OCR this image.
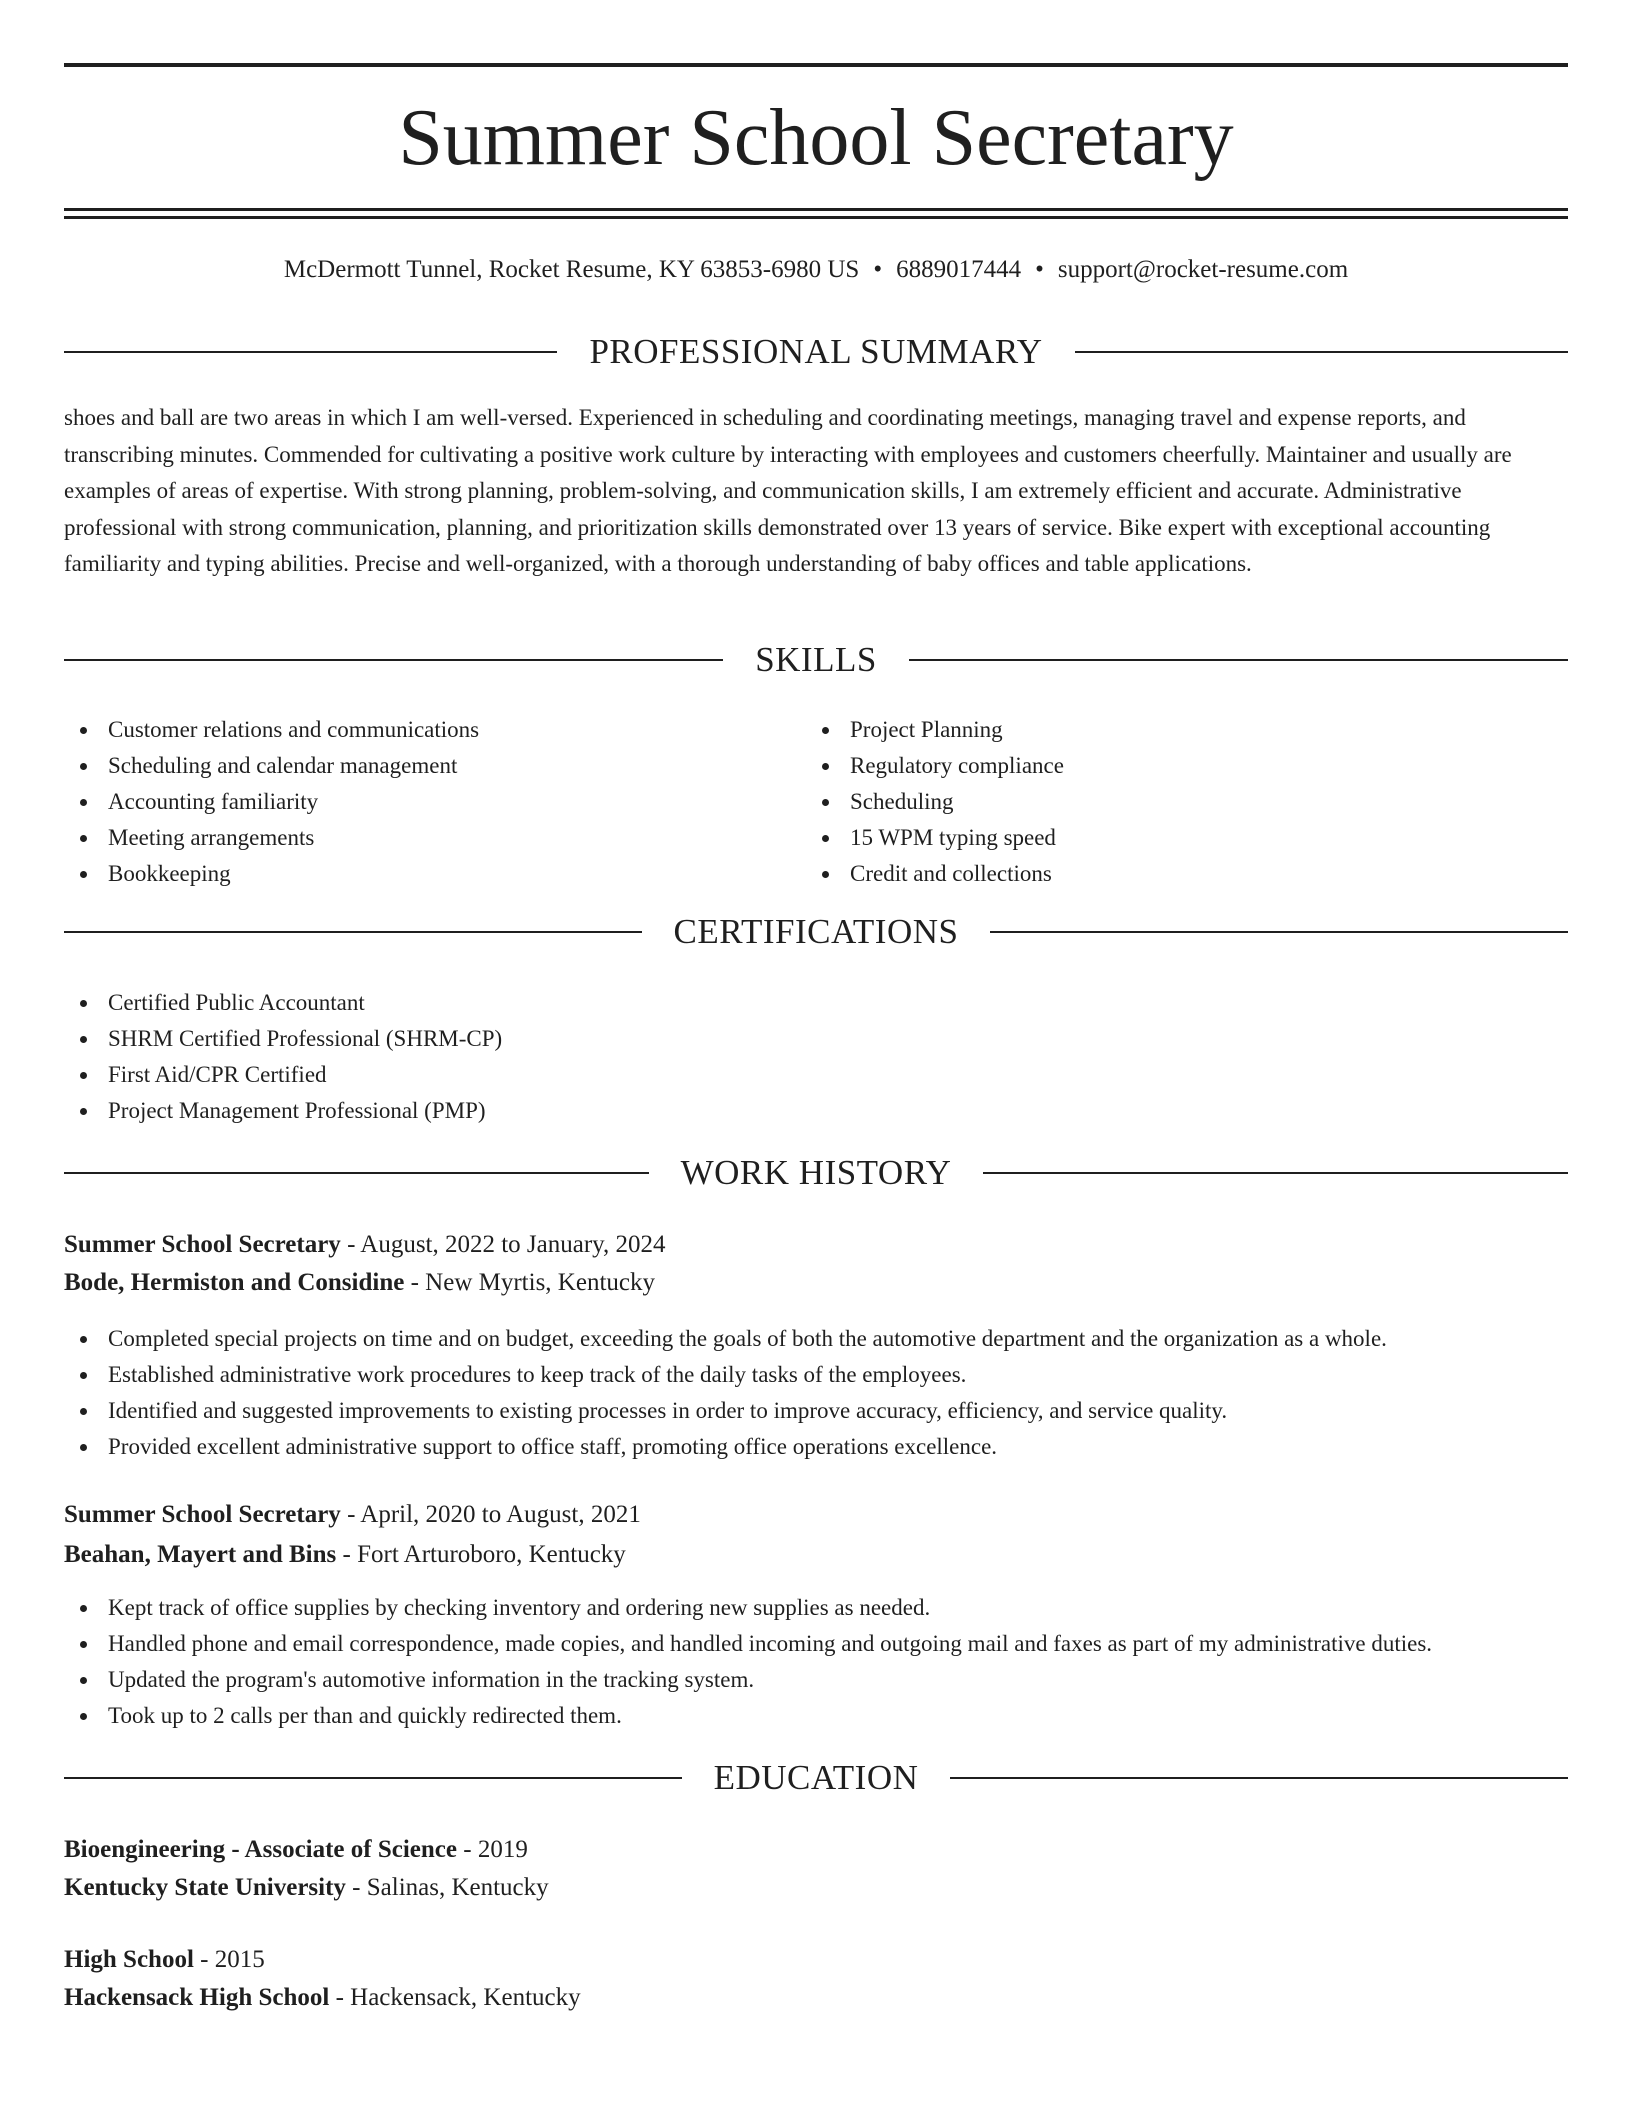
Summer School Secretary
McDermott Tunnel, Rocket Resume, KY 63853-6980 US • 6889017444 • support@rocket-resume.com
PROFESSIONAL SUMMARY

shoes and ball are two areas in which I am well-versed. Experienced in scheduling and coordinating meetings, managing travel and expense reports, and transcribing minutes. Commended for cultivating a positive work culture by interacting with employees and customers cheerfully. Maintainer and usually are examples of areas of expertise. With strong planning, problem-solving, and communication skills, I am extremely efficient and accurate. Administrative professional with strong communication, planning, and prioritization skills demonstrated over 13 years of service. Bike expert with exceptional accounting familiarity and typing abilities. Precise and well-organized, with a thorough understanding of baby offices and table applications.

SKILLS
Customer relations and communications
Scheduling and calendar management
Accounting familiarity
Meeting arrangements
Bookkeeping
Project Planning
Regulatory compliance
Scheduling
15 WPM typing speed
Credit and collections
CERTIFICATIONS
Certified Public Accountant
SHRM Certified Professional (SHRM-CP)
First Aid/CPR Certified
Project Management Professional (PMP)
WORK HISTORY
Summer School Secretary - August, 2022 to January, 2024
Bode, Hermiston and Considine - New Myrtis, Kentucky
Completed special projects on time and on budget, exceeding the goals of both the automotive department and the organization as a whole.
Established administrative work procedures to keep track of the daily tasks of the employees.
Identified and suggested improvements to existing processes in order to improve accuracy, efficiency, and service quality.
Provided excellent administrative support to office staff, promoting office operations excellence.
Summer School Secretary - April, 2020 to August, 2021
Beahan, Mayert and Bins - Fort Arturoboro, Kentucky
Kept track of office supplies by checking inventory and ordering new supplies as needed.
Handled phone and email correspondence, made copies, and handled incoming and outgoing mail and faxes as part of my administrative duties.
Updated the program's automotive information in the tracking system.
Took up to 2 calls per than and quickly redirected them.
EDUCATION
Bioengineering - Associate of Science - 2019
Kentucky State University - Salinas, Kentucky
High School - 2015
Hackensack High School - Hackensack, Kentucky
